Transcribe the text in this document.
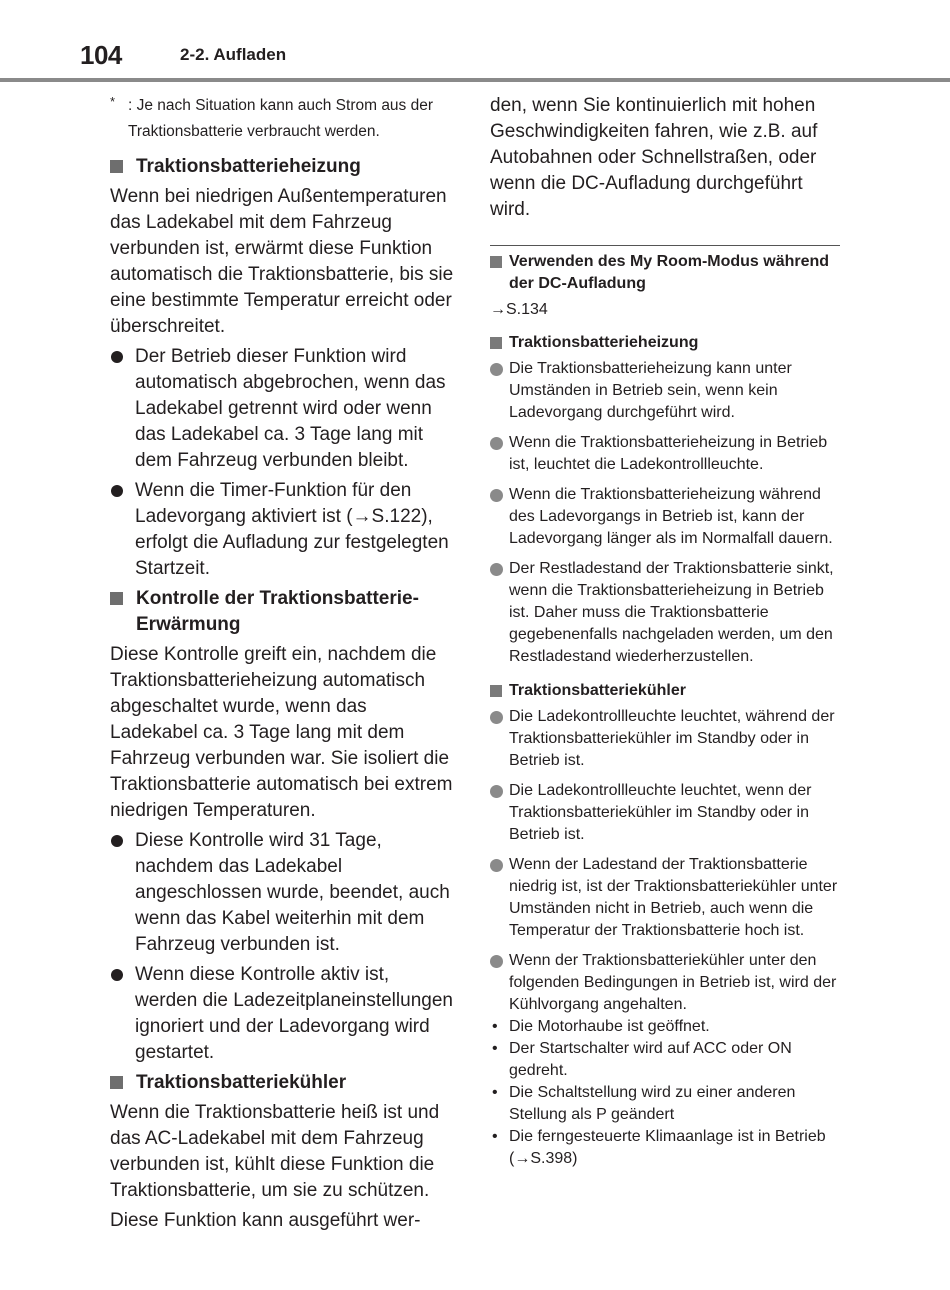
104	2-2. Aufladen
* : Je nach Situation kann auch Strom aus der Traktionsbatterie verbraucht werden.
Traktionsbatterieheizung
Wenn bei niedrigen Außentemperaturen das Ladekabel mit dem Fahrzeug verbunden ist, erwärmt diese Funktion automatisch die Traktionsbatterie, bis sie eine bestimmte Temperatur erreicht oder überschreitet.
Der Betrieb dieser Funktion wird automatisch abgebrochen, wenn das Ladekabel getrennt wird oder wenn das Ladekabel ca. 3 Tage lang mit dem Fahrzeug verbunden bleibt.
Wenn die Timer-Funktion für den Ladevorgang aktiviert ist (→S.122), erfolgt die Aufladung zur festgelegten Startzeit.
Kontrolle der Traktionsbatterie-Erwärmung
Diese Kontrolle greift ein, nachdem die Traktionsbatterieheizung automatisch abgeschaltet wurde, wenn das Ladekabel ca. 3 Tage lang mit dem Fahrzeug verbunden war. Sie isoliert die Traktionsbatterie automatisch bei extrem niedrigen Temperaturen.
Diese Kontrolle wird 31 Tage, nachdem das Ladekabel angeschlossen wurde, beendet, auch wenn das Kabel weiterhin mit dem Fahrzeug verbunden ist.
Wenn diese Kontrolle aktiv ist, werden die Ladezeitplaneinstellungen ignoriert und der Ladevorgang wird gestartet.
Traktionsbatteriekühler
Wenn die Traktionsbatterie heiß ist und das AC-Ladekabel mit dem Fahrzeug verbunden ist, kühlt diese Funktion die Traktionsbatterie, um sie zu schützen.
Diese Funktion kann ausgeführt wer-
den, wenn Sie kontinuierlich mit hohen Geschwindigkeiten fahren, wie z.B. auf Autobahnen oder Schnellstraßen, oder wenn die DC-Aufladung durchgeführt wird.
Verwenden des My Room-Modus während der DC-Aufladung
→S.134
Traktionsbatterieheizung
Die Traktionsbatterieheizung kann unter Umständen in Betrieb sein, wenn kein Ladevorgang durchgeführt wird.
Wenn die Traktionsbatterieheizung in Betrieb ist, leuchtet die Ladekontrollleuchte.
Wenn die Traktionsbatterieheizung während des Ladevorgangs in Betrieb ist, kann der Ladevorgang länger als im Normalfall dauern.
Der Restladestand der Traktionsbatterie sinkt, wenn die Traktionsbatterieheizung in Betrieb ist. Daher muss die Traktionsbatterie gegebenenfalls nachgeladen werden, um den Restladestand wiederherzustellen.
Traktionsbatteriekühler
Die Ladekontrollleuchte leuchtet, während der Traktionsbatteriekühler im Standby oder in Betrieb ist.
Die Ladekontrollleuchte leuchtet, wenn der Traktionsbatteriekühler im Standby oder in Betrieb ist.
Wenn der Ladestand der Traktionsbatterie niedrig ist, ist der Traktionsbatteriekühler unter Umständen nicht in Betrieb, auch wenn die Temperatur der Traktionsbatterie hoch ist.
Wenn der Traktionsbatteriekühler unter den folgenden Bedingungen in Betrieb ist, wird der Kühlvorgang angehalten.
• Die Motorhaube ist geöffnet.
• Der Startschalter wird auf ACC oder ON gedreht.
• Die Schaltstellung wird zu einer anderen Stellung als P geändert
• Die ferngesteuerte Klimaanlage ist in Betrieb (→S.398)
